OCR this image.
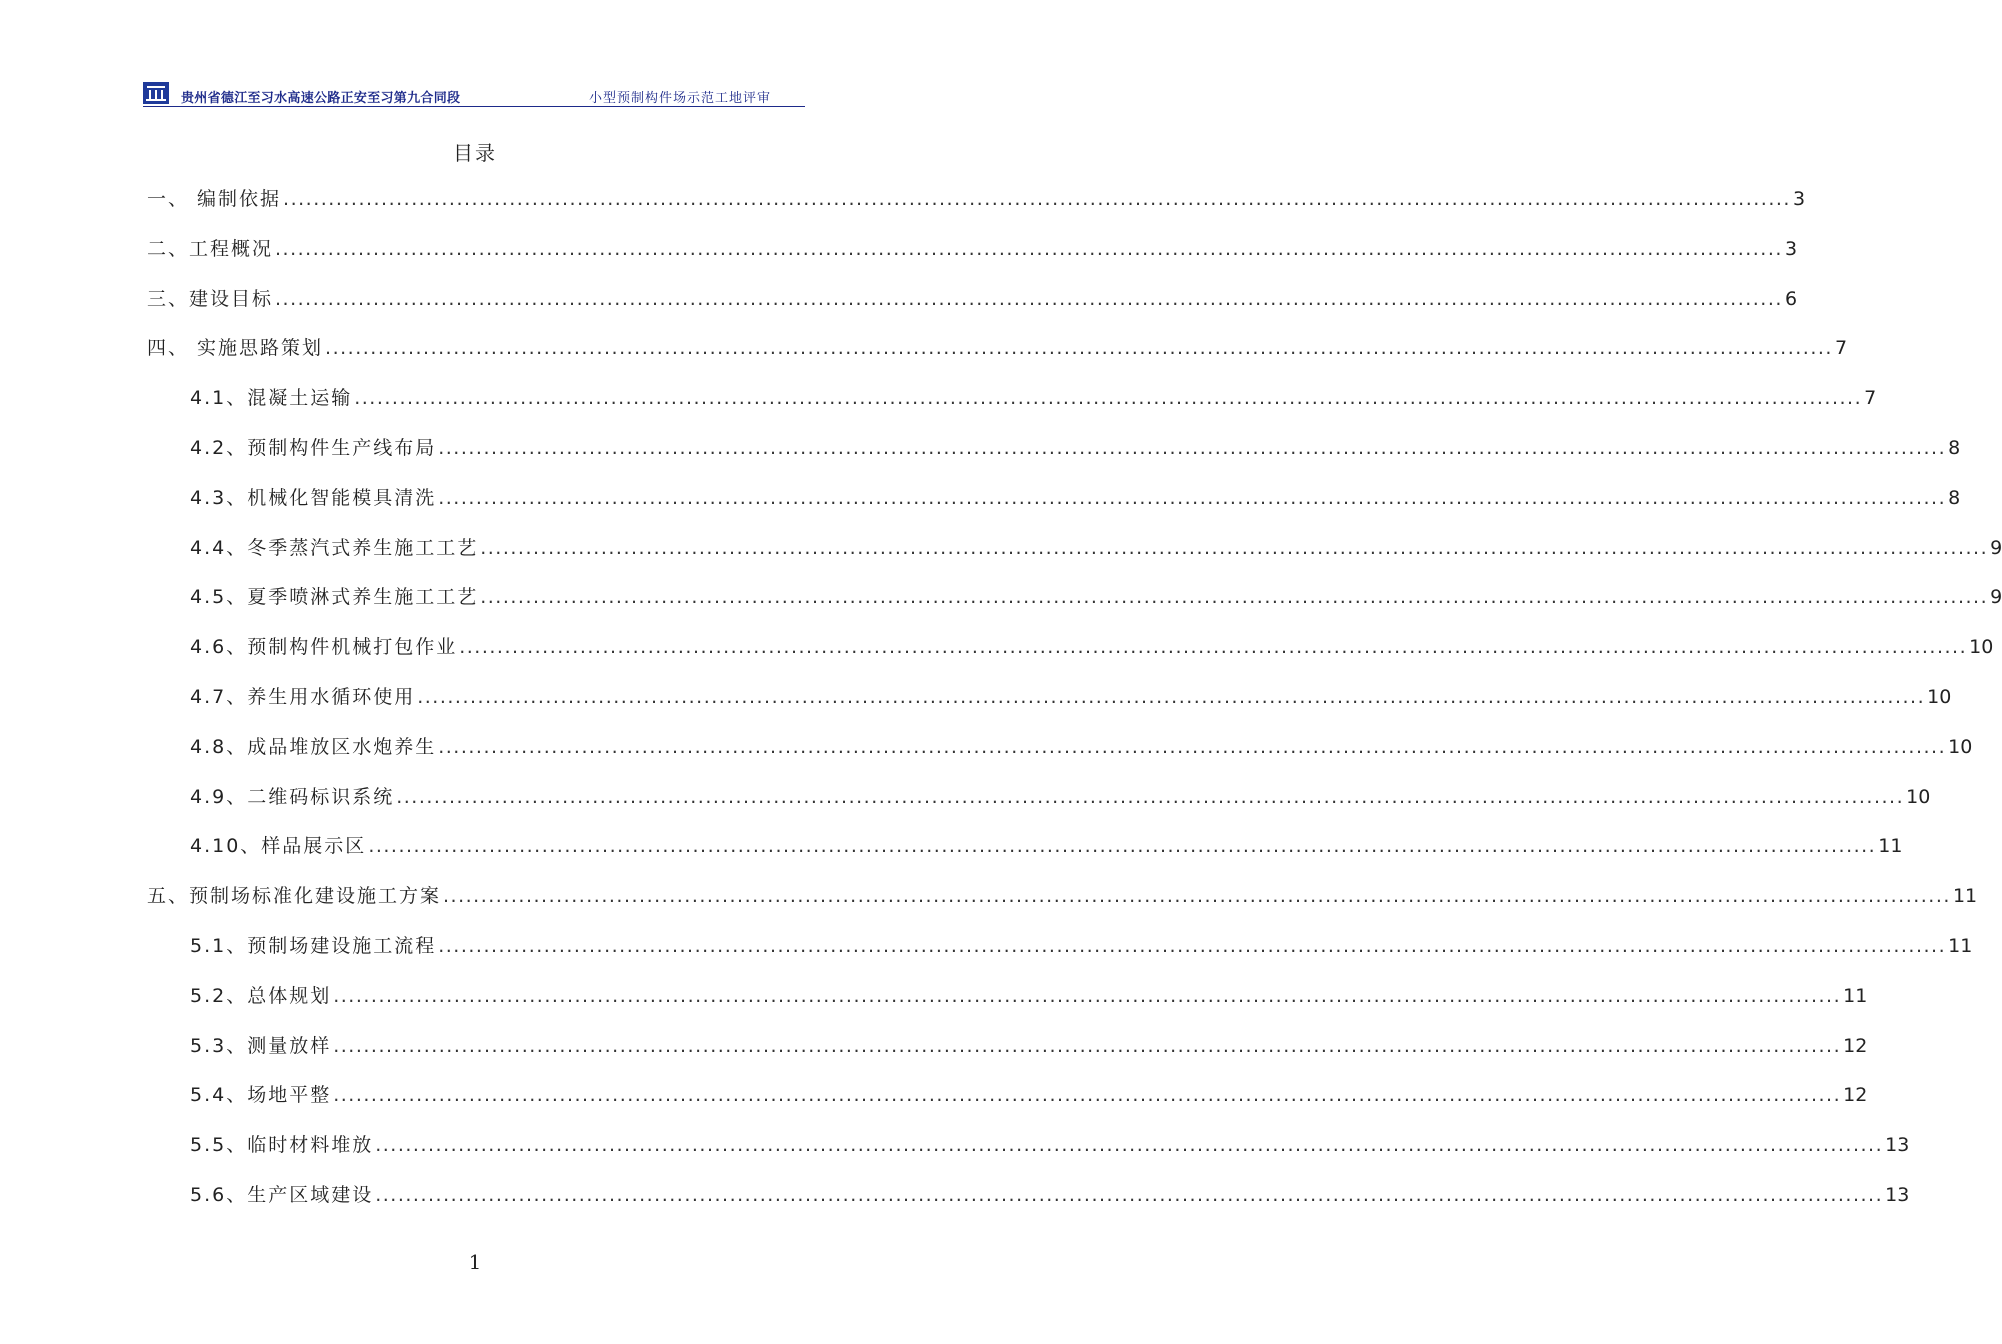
贵州省德江至习水高速公路正安至习第九合同段	小型预制构件场示范工地评审
目录
一、 编制依据 ........................................................................................................................................................................................................ 3
二、工程概况 ........................................................................................................................................................................................................ 3
三、建设目标 ........................................................................................................................................................................................................ 6
四、 实施思路策划 ........................................................................................................................................................................................................ 7
4.1、混凝土运输 ........................................................................................................................................................................................................ 7
4.2、预制构件生产线布局 ........................................................................................................................................................................................................ 8
4.3、机械化智能模具清洗 ........................................................................................................................................................................................................ 8
4.4、冬季蒸汽式养生施工工艺 ........................................................................................................................................................................................................ 9
4.5、夏季喷淋式养生施工工艺 ........................................................................................................................................................................................................ 9
4.6、预制构件机械打包作业 ........................................................................................................................................................................................................ 10
4.7、养生用水循环使用 ........................................................................................................................................................................................................ 10
4.8、成品堆放区水炮养生 ........................................................................................................................................................................................................ 10
4.9、二维码标识系统 ........................................................................................................................................................................................................ 10
4.10、样品展示区 ........................................................................................................................................................................................................ 11
五、预制场标准化建设施工方案 ........................................................................................................................................................................................................ 11
5.1、预制场建设施工流程 ........................................................................................................................................................................................................ 11
5.2、总体规划 ........................................................................................................................................................................................................ 11
5.3、测量放样 ........................................................................................................................................................................................................ 12
5.4、场地平整 ........................................................................................................................................................................................................ 12
5.5、临时材料堆放 ........................................................................................................................................................................................................ 13
5.6、生产区域建设 ........................................................................................................................................................................................................ 13
1
